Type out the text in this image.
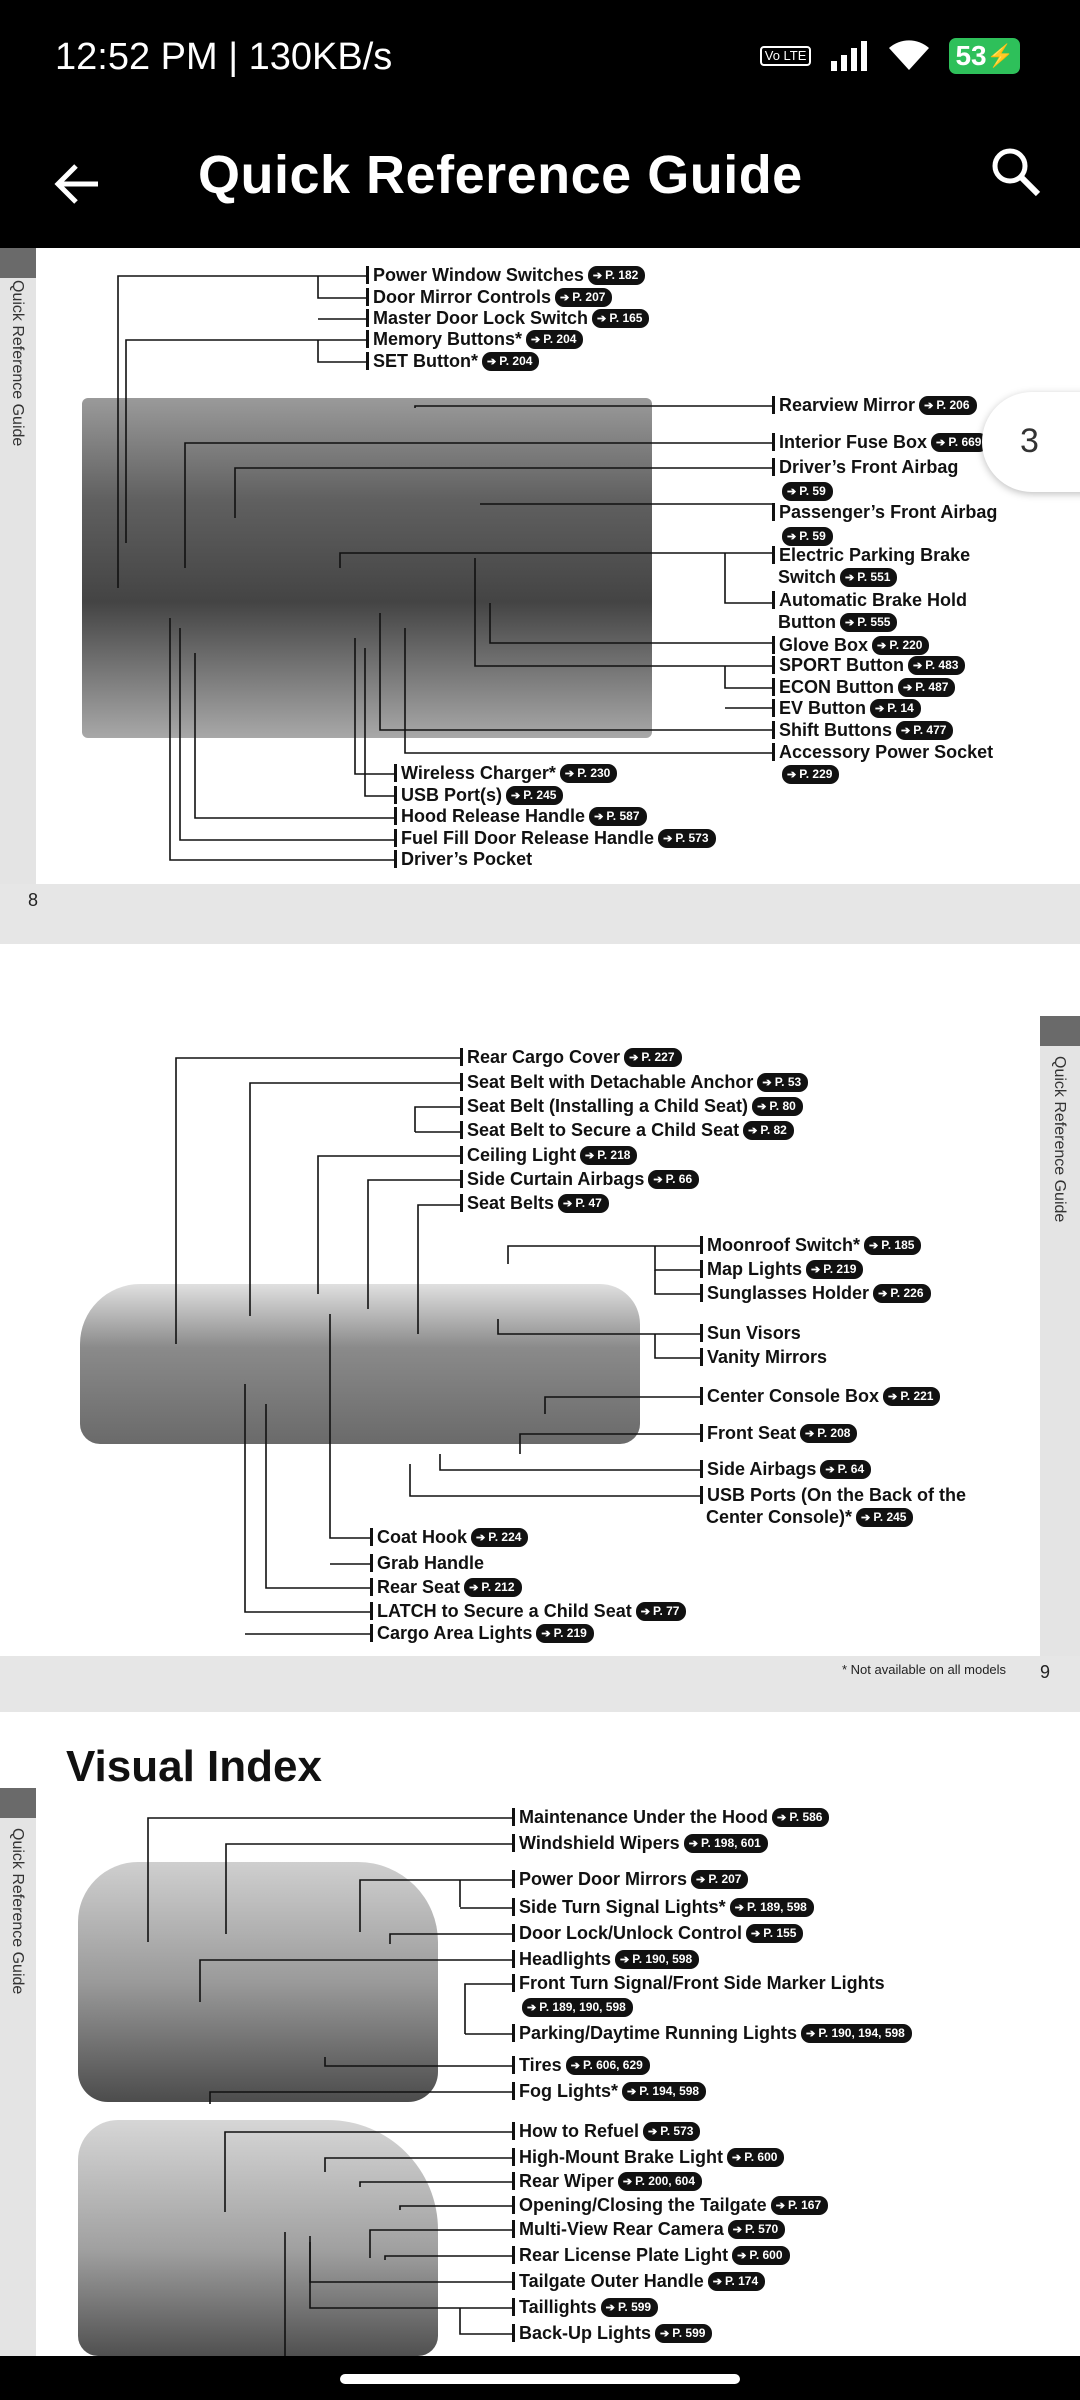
12:52 PM | 130KB/s	Vo LTE	53 ⚡
Quick Reference Guide
Quick Reference Guide
8
Power Window Switches ➔ P. 182
Door Mirror Controls ➔ P. 207
Master Door Lock Switch ➔ P. 165
Memory Buttons* ➔ P. 204
SET Button* ➔ P. 204
Rearview Mirror ➔ P. 206
Interior Fuse Box ➔ P. 669
Driver’s Front Airbag
➔ P. 59
Passenger’s Front Airbag
➔ P. 59
Electric Parking Brake
Switch ➔ P. 551
Automatic Brake Hold
Button ➔ P. 555
Glove Box ➔ P. 220
SPORT Button ➔ P. 483
ECON Button ➔ P. 487
EV Button ➔ P. 14
Shift Buttons ➔ P. 477
Accessory Power Socket
➔ P. 229
Wireless Charger* ➔ P. 230
USB Port(s) ➔ P. 245
Hood Release Handle ➔ P. 587
Fuel Fill Door Release Handle ➔ P. 573
Driver’s Pocket
Quick Reference Guide
* Not available on all models 9
Rear Cargo Cover ➔ P. 227
Seat Belt with Detachable Anchor ➔ P. 53
Seat Belt (Installing a Child Seat) ➔ P. 80
Seat Belt to Secure a Child Seat ➔ P. 82
Ceiling Light ➔ P. 218
Side Curtain Airbags ➔ P. 66
Seat Belts ➔ P. 47
Moonroof Switch* ➔ P. 185
Map Lights ➔ P. 219
Sunglasses Holder ➔ P. 226
Sun Visors
Vanity Mirrors
Center Console Box ➔ P. 221
Front Seat ➔ P. 208
Side Airbags ➔ P. 64
USB Ports (On the Back of the
Center Console)* ➔ P. 245
Coat Hook ➔ P. 224
Grab Handle
Rear Seat ➔ P. 212
LATCH to Secure a Child Seat ➔ P. 77
Cargo Area Lights ➔ P. 219
Quick Reference Guide
Visual Index
Maintenance Under the Hood ➔ P. 586
Windshield Wipers ➔ P. 198, 601
Power Door Mirrors ➔ P. 207
Side Turn Signal Lights* ➔ P. 189, 598
Door Lock/Unlock Control ➔ P. 155
Headlights ➔ P. 190, 598
Front Turn Signal/Front Side Marker Lights
➔ P. 189, 190, 598
Parking/Daytime Running Lights ➔ P. 190, 194, 598
Tires ➔ P. 606, 629
Fog Lights* ➔ P. 194, 598
How to Refuel ➔ P. 573
High-Mount Brake Light ➔ P. 600
Rear Wiper ➔ P. 200, 604
Opening/Closing the Tailgate ➔ P. 167
Multi-View Rear Camera ➔ P. 570
Rear License Plate Light ➔ P. 600
Tailgate Outer Handle ➔ P. 174
Taillights ➔ P. 599
Back-Up Lights ➔ P. 599
3
